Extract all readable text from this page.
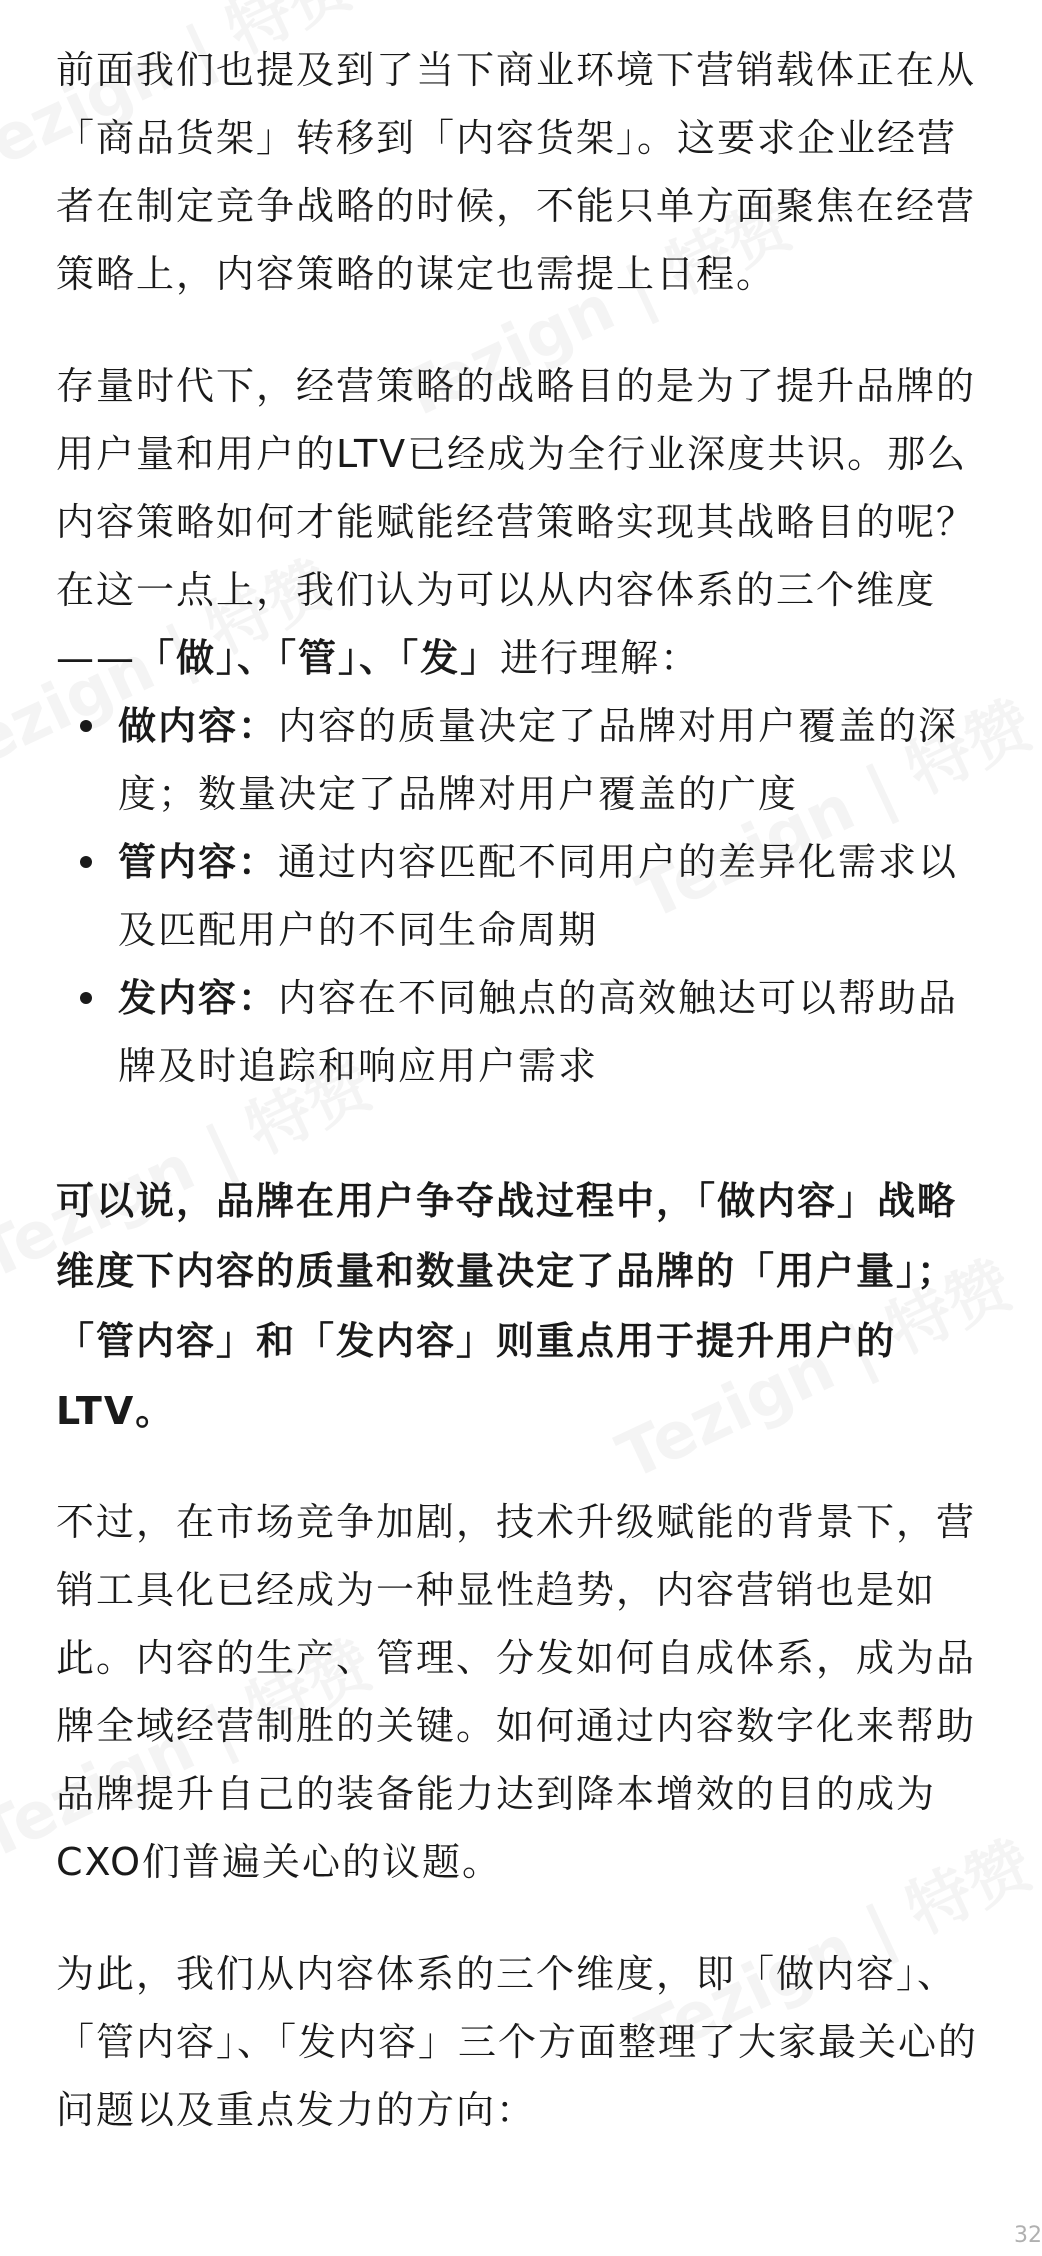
前面我们也提及到了当下商业环境下营销载体正在从「商品货架」转移到「内容货架」。这要求企业经营者在制定竞争战略的时候，不能只单方面聚焦在经营策略上，内容策略的谋定也需提上日程。

存量时代下，经营策略的战略目的是为了提升品牌的用户量和用户的LTV已经成为全行业深度共识。那么内容策略如何才能赋能经营策略实现其战略目的呢？在这一点上，我们认为可以从内容体系的三个维度——「做」、「管」、「发」进行理解：

做内容：内容的质量决定了品牌对用户覆盖的深度；数量决定了品牌对用户覆盖的广度
管内容：通过内容匹配不同用户的差异化需求以及匹配用户的不同生命周期
发内容：内容在不同触点的高效触达可以帮助品牌及时追踪和响应用户需求

可以说，品牌在用户争夺战过程中，「做内容」战略维度下内容的质量和数量决定了品牌的「用户量」；「管内容」和「发内容」则重点用于提升用户的LTV。

不过，在市场竞争加剧，技术升级赋能的背景下，营销工具化已经成为一种显性趋势，内容营销也是如此。内容的生产、管理、分发如何自成体系，成为品牌全域经营制胜的关键。如何通过内容数字化来帮助品牌提升自己的装备能力达到降本增效的目的成为CXO们普遍关心的议题。

为此，我们从内容体系的三个维度，即「做内容」、「管内容」、「发内容」三个方面整理了大家最关心的问题以及重点发力的方向：

32
